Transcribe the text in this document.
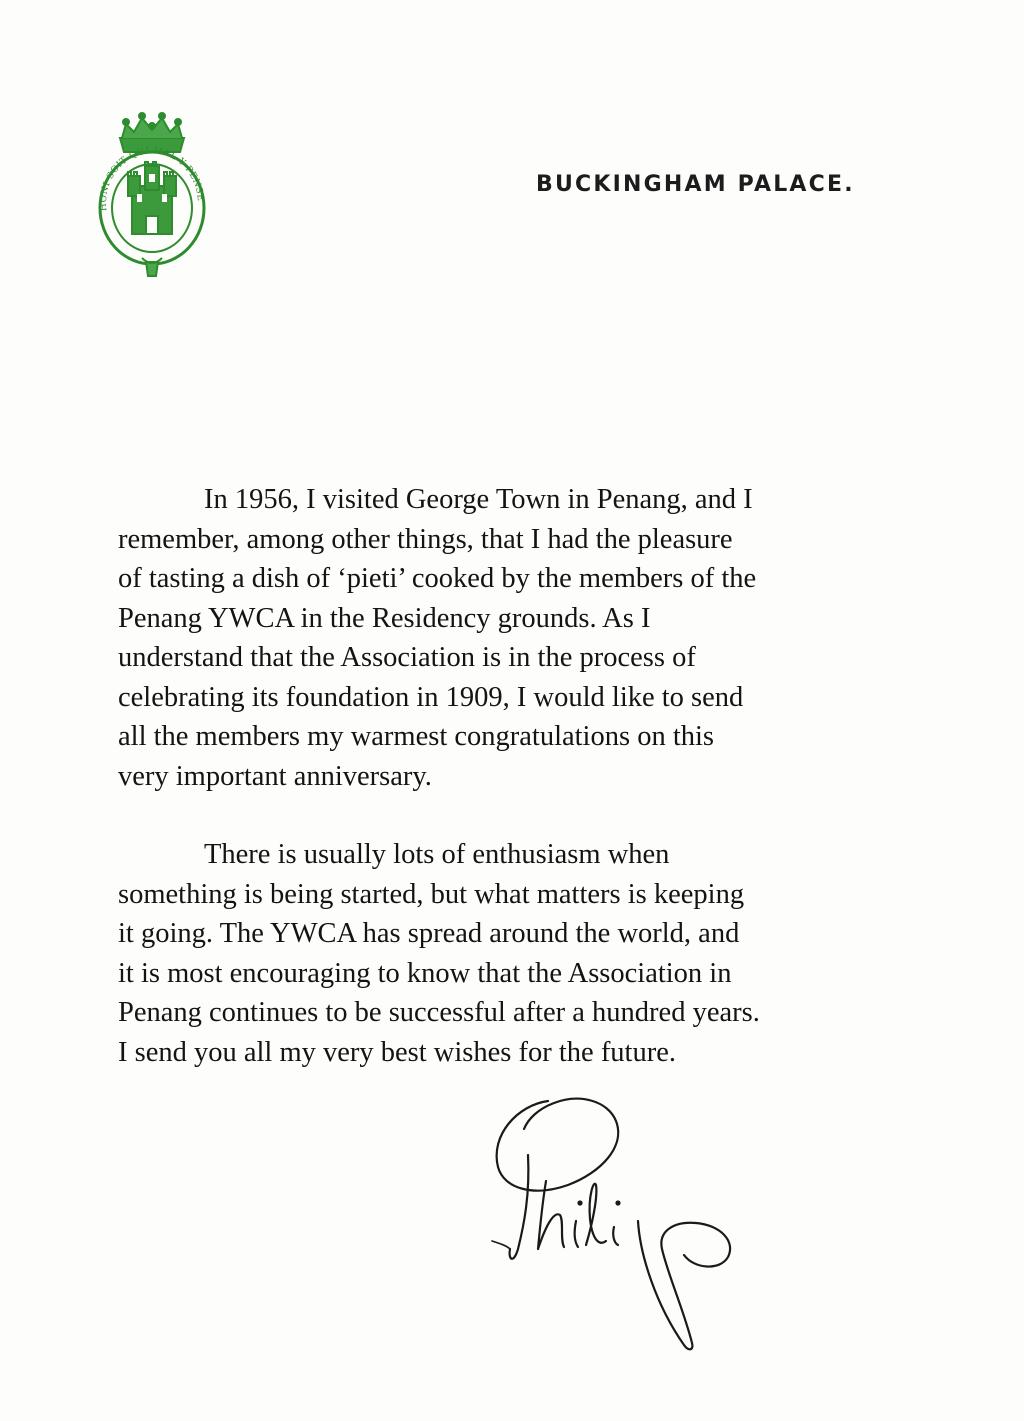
HONI SOIT QUI MAL Y PENSE
BUCKINGHAM PALACE.
In 1956, I visited George Town in Penang, and I
remember, among other things, that I had the pleasure
of tasting a dish of ‘pieti’ cooked by the members of the
Penang YWCA in the Residency grounds. As I
understand that the Association is in the process of
celebrating its foundation in 1909, I would like to send
all the members my warmest congratulations on this
very important anniversary.
There is usually lots of enthusiasm when
something is being started, but what matters is keeping
it going. The YWCA has spread around the world, and
it is most encouraging to know that the Association in
Penang continues to be successful after a hundred years.
I send you all my very best wishes for the future.
Philip
